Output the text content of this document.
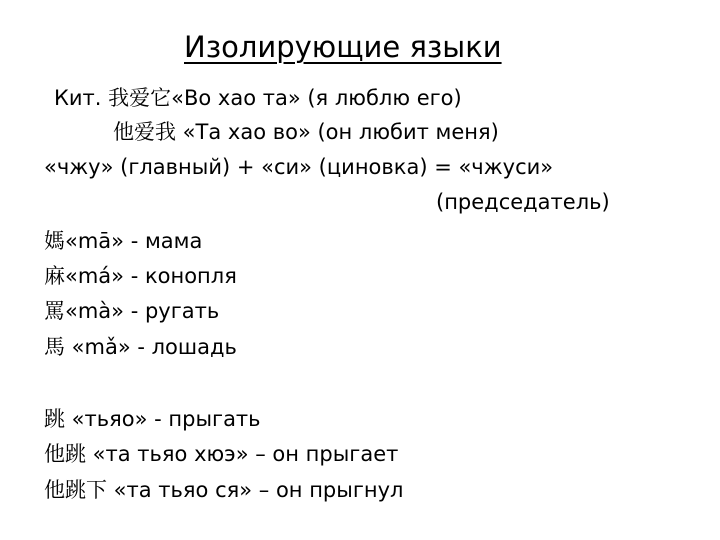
Изолирующие языки
Кит. 我爱它«Во хао та» (я люблю его)
他爱我 «Та хао во» (он любит меня)
«чжу» (главный) + «си» (циновка) = «чжуси»
(председатель)
媽«mā» - мама
麻«má» - конопля
罵«mà» - ругать
馬 «mǎ» - лошадь
跳 «тьяо» - прыгать
他跳 «та тьяо хюэ» – он прыгает
他跳下 «та тьяо ся» – он прыгнул
